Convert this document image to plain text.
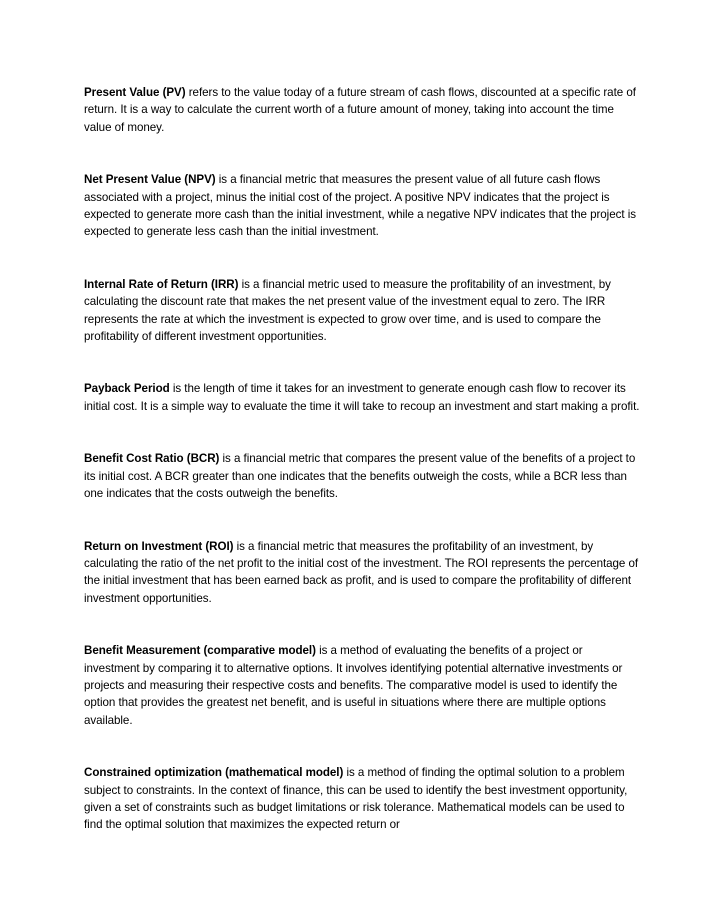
Present Value (PV) refers to the value today of a future stream of cash flows, discounted at a specific rate of return. It is a way to calculate the current worth of a future amount of money, taking into account the time value of money.

Net Present Value (NPV) is a financial metric that measures the present value of all future cash flows associated with a project, minus the initial cost of the project. A positive NPV indicates that the project is expected to generate more cash than the initial investment, while a negative NPV indicates that the project is expected to generate less cash than the initial investment.

Internal Rate of Return (IRR) is a financial metric used to measure the profitability of an investment, by calculating the discount rate that makes the net present value of the investment equal to zero. The IRR represents the rate at which the investment is expected to grow over time, and is used to compare the profitability of different investment opportunities.

Payback Period is the length of time it takes for an investment to generate enough cash flow to recover its initial cost. It is a simple way to evaluate the time it will take to recoup an investment and start making a profit.

Benefit Cost Ratio (BCR) is a financial metric that compares the present value of the benefits of a project to its initial cost. A BCR greater than one indicates that the benefits outweigh the costs, while a BCR less than one indicates that the costs outweigh the benefits.

Return on Investment (ROI) is a financial metric that measures the profitability of an investment, by calculating the ratio of the net profit to the initial cost of the investment. The ROI represents the percentage of the initial investment that has been earned back as profit, and is used to compare the profitability of different investment opportunities.

Benefit Measurement (comparative model) is a method of evaluating the benefits of a project or investment by comparing it to alternative options. It involves identifying potential alternative investments or projects and measuring their respective costs and benefits. The comparative model is used to identify the option that provides the greatest net benefit, and is useful in situations where there are multiple options available.

Constrained optimization (mathematical model) is a method of finding the optimal solution to a problem subject to constraints. In the context of finance, this can be used to identify the best investment opportunity, given a set of constraints such as budget limitations or risk tolerance. Mathematical models can be used to find the optimal solution that maximizes the expected return or
